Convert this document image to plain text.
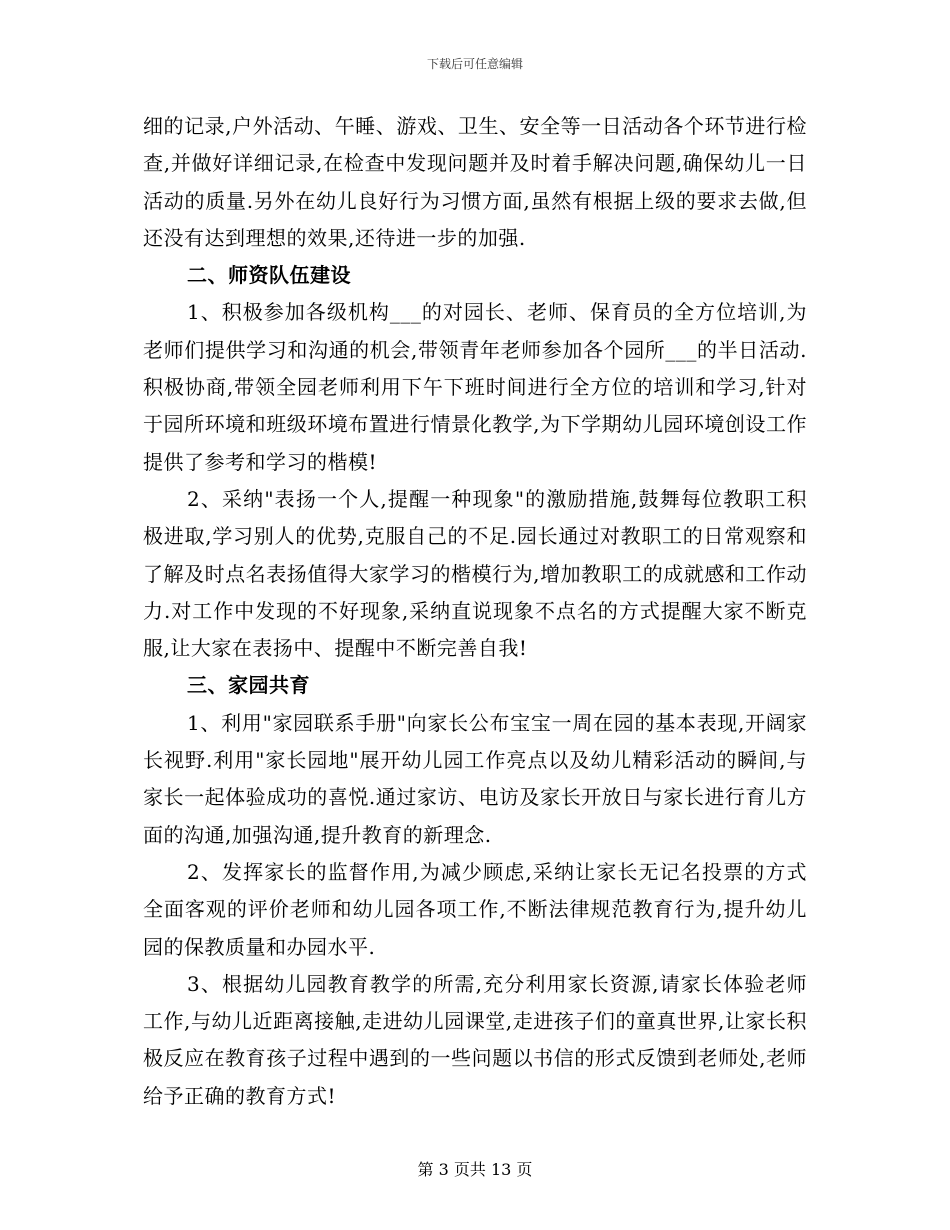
下载后可任意编辑

细的记录,户外活动、午睡、游戏、卫生、安全等一日活动各个环节进行检查,并做好详细记录,在检查中发现问题并及时着手解决问题,确保幼儿一日活动的质量.另外在幼儿良好行为习惯方面,虽然有根据上级的要求去做,但还没有达到理想的效果,还待进一步的加强.

二、师资队伍建设

1、积极参加各级机构___的对园长、老师、保育员的全方位培训,为老师们提供学习和沟通的机会,带领青年老师参加各个园所___的半日活动.积极协商,带领全园老师利用下午下班时间进行全方位的培训和学习,针对于园所环境和班级环境布置进行情景化教学,为下学期幼儿园环境创设工作提供了参考和学习的楷模!

2、采纳"表扬一个人,提醒一种现象"的激励措施,鼓舞每位教职工积极进取,学习别人的优势,克服自己的不足.园长通过对教职工的日常观察和了解及时点名表扬值得大家学习的楷模行为,增加教职工的成就感和工作动力.对工作中发现的不好现象,采纳直说现象不点名的方式提醒大家不断克服,让大家在表扬中、提醒中不断完善自我!

三、家园共育

1、利用"家园联系手册"向家长公布宝宝一周在园的基本表现,开阔家长视野.利用"家长园地"展开幼儿园工作亮点以及幼儿精彩活动的瞬间,与家长一起体验成功的喜悦.通过家访、电访及家长开放日与家长进行育儿方面的沟通,加强沟通,提升教育的新理念.

2、发挥家长的监督作用,为减少顾虑,采纳让家长无记名投票的方式全面客观的评价老师和幼儿园各项工作,不断法律规范教育行为,提升幼儿园的保教质量和办园水平.

3、根据幼儿园教育教学的所需,充分利用家长资源,请家长体验老师工作,与幼儿近距离接触,走进幼儿园课堂,走进孩子们的童真世界,让家长积极反应在教育孩子过程中遇到的一些问题以书信的形式反馈到老师处,老师给予正确的教育方式!

第 3 页共 13 页
